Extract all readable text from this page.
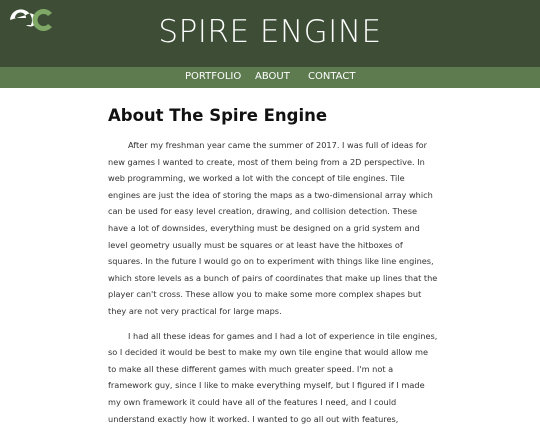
SPIRE ENGINE
PORTFOLIO ABOUT CONTACT
About The Spire Engine

After my freshman year came the summer of 2017. I was full of ideas for new games I wanted to create, most of them being from a 2D perspective. In web programming, we worked a lot with the concept of tile engines. Tile engines are just the idea of storing the maps as a two-dimensional array which can be used for easy level creation, drawing, and collision detection. These have a lot of downsides, everything must be designed on a grid system and level geometry usually must be squares or at least have the hitboxes of squares. In the future I would go on to experiment with things like line engines, which store levels as a bunch of pairs of coordinates that make up lines that the player can't cross. These allow you to make some more complex shapes but they are not very practical for large maps.

I had all these ideas for games and I had a lot of experience in tile engines, so I decided it would be best to make my own tile engine that would allow me to make all these different games with much greater speed. I'm not a framework guy, since I like to make everything myself, but I figured if I made my own framework it could have all of the features I need, and I could understand exactly how it worked. I wanted to go all out with features,
